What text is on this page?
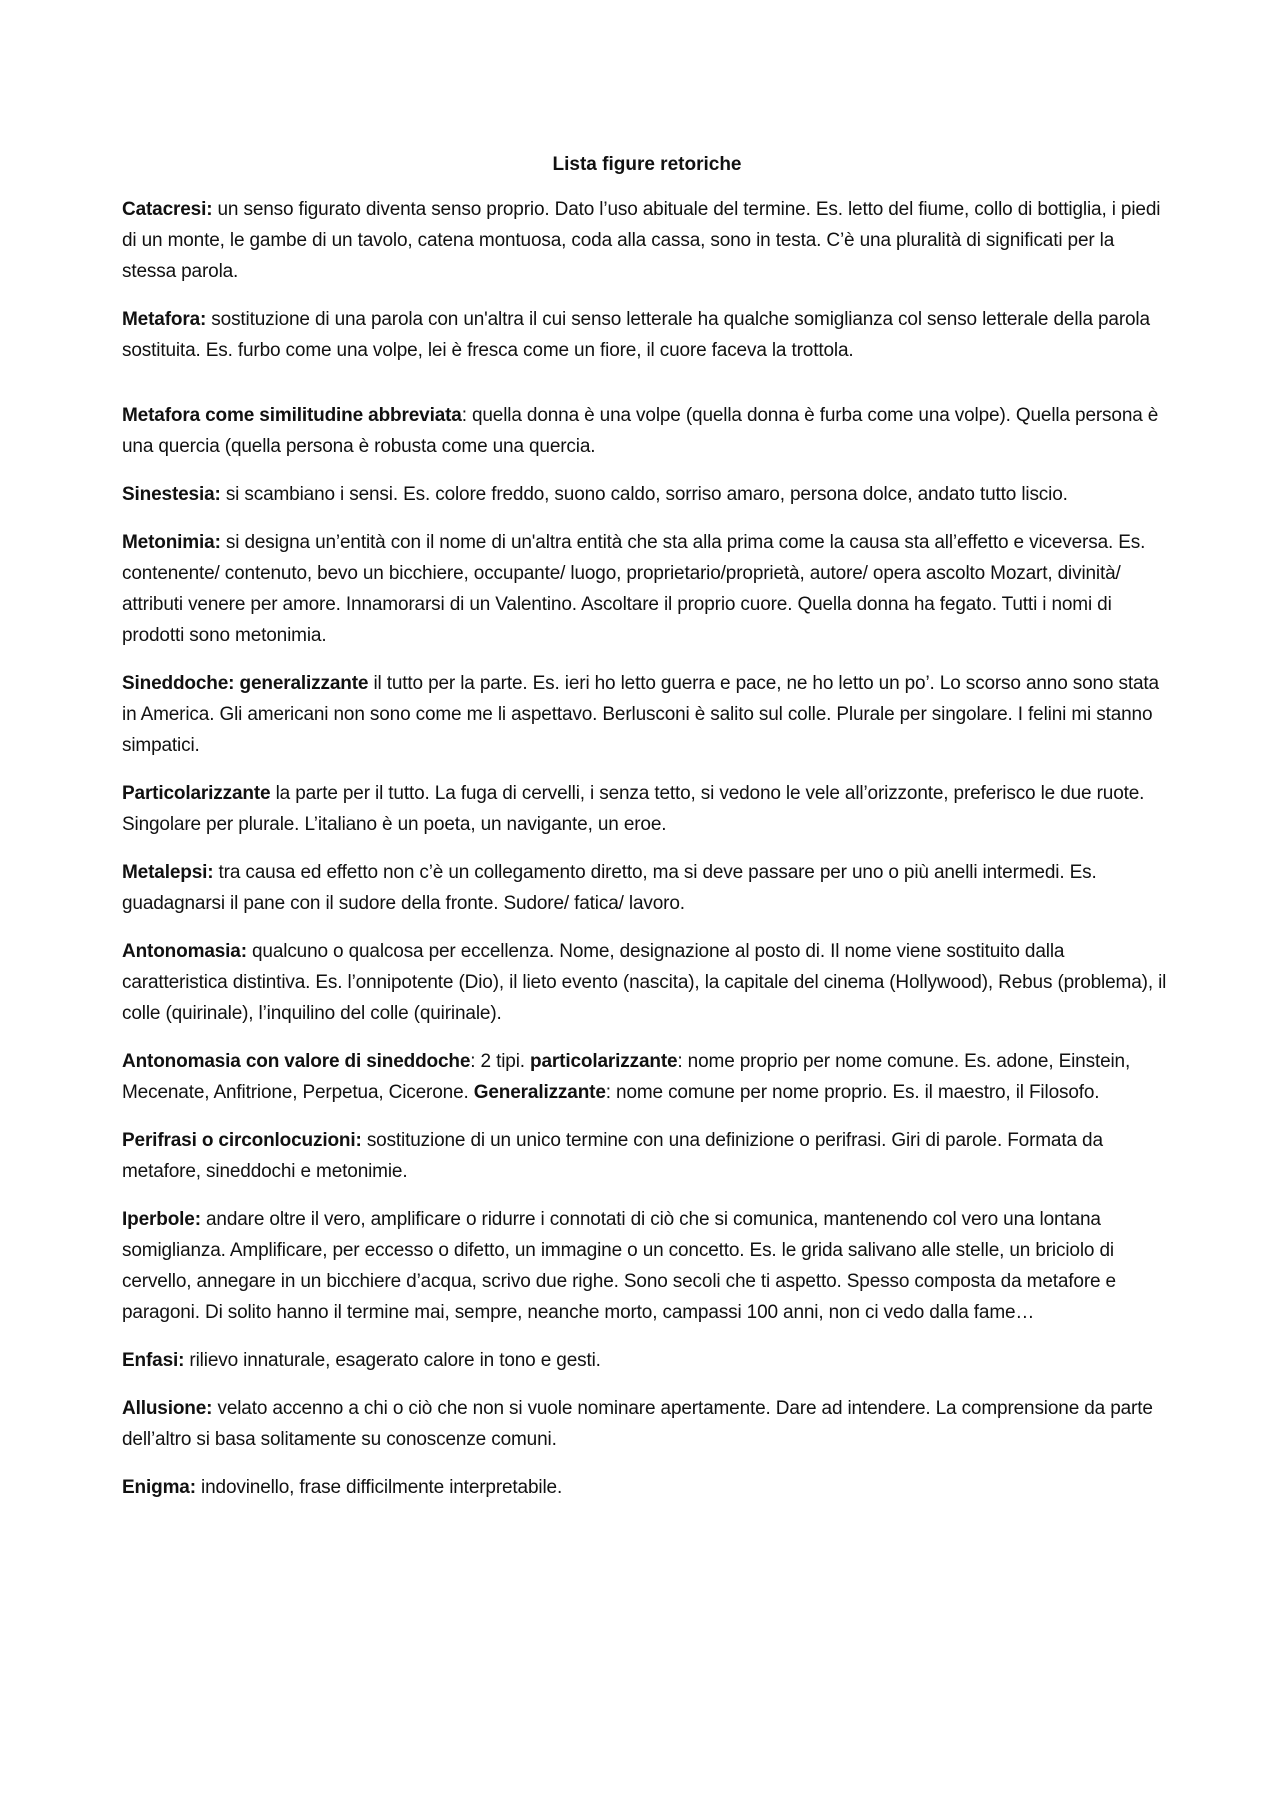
Lista figure retoriche

Catacresi: un senso figurato diventa senso proprio. Dato l’uso abituale del termine. Es. letto del fiume, collo di bottiglia, i piedi di un monte, le gambe di un tavolo, catena montuosa, coda alla cassa, sono in testa. C’è una pluralità di significati per la stessa parola.

Metafora: sostituzione di una parola con un'altra il cui senso letterale ha qualche somiglianza col senso letterale della parola sostituita. Es. furbo come una volpe, lei è fresca come un fiore, il cuore faceva la trottola.

Metafora come similitudine abbreviata: quella donna è una volpe (quella donna è furba come una volpe). Quella persona è una quercia (quella persona è robusta come una quercia.

Sinestesia: si scambiano i sensi. Es. colore freddo, suono caldo, sorriso amaro, persona dolce, andato tutto liscio.

Metonimia: si designa un’entità con il nome di un'altra entità che sta alla prima come la causa sta all’effetto e viceversa. Es. contenente/ contenuto, bevo un bicchiere, occupante/ luogo, proprietario/proprietà, autore/ opera ascolto Mozart, divinità/ attributi venere per amore. Innamorarsi di un Valentino. Ascoltare il proprio cuore. Quella donna ha fegato. Tutti i nomi di prodotti sono metonimia.

Sineddoche: generalizzante il tutto per la parte. Es. ieri ho letto guerra e pace, ne ho letto un po’. Lo scorso anno sono stata in America. Gli americani non sono come me li aspettavo. Berlusconi è salito sul colle. Plurale per singolare. I felini mi stanno simpatici.

Particolarizzante la parte per il tutto. La fuga di cervelli, i senza tetto, si vedono le vele all’orizzonte, preferisco le due ruote. Singolare per plurale. L’italiano è un poeta, un navigante, un eroe.

Metalepsi: tra causa ed effetto non c’è un collegamento diretto, ma si deve passare per uno o più anelli intermedi. Es. guadagnarsi il pane con il sudore della fronte. Sudore/ fatica/ lavoro.

Antonomasia: qualcuno o qualcosa per eccellenza. Nome, designazione al posto di. Il nome viene sostituito dalla caratteristica distintiva. Es. l’onnipotente (Dio), il lieto evento (nascita), la capitale del cinema (Hollywood), Rebus (problema), il colle (quirinale), l’inquilino del colle (quirinale).

Antonomasia con valore di sineddoche: 2 tipi. particolarizzante: nome proprio per nome comune. Es. adone, Einstein, Mecenate, Anfitrione, Perpetua, Cicerone. Generalizzante: nome comune per nome proprio. Es. il maestro, il Filosofo.

Perifrasi o circonlocuzioni: sostituzione di un unico termine con una definizione o perifrasi. Giri di parole. Formata da metafore, sineddochi e metonimie.

Iperbole: andare oltre il vero, amplificare o ridurre i connotati di ciò che si comunica, mantenendo col vero una lontana somiglianza. Amplificare, per eccesso o difetto, un immagine o un concetto. Es. le grida salivano alle stelle, un briciolo di cervello, annegare in un bicchiere d’acqua, scrivo due righe. Sono secoli che ti aspetto. Spesso composta da metafore e paragoni. Di solito hanno il termine mai, sempre, neanche morto, campassi 100 anni, non ci vedo dalla fame…

Enfasi: rilievo innaturale, esagerato calore in tono e gesti.

Allusione: velato accenno a chi o ciò che non si vuole nominare apertamente. Dare ad intendere. La comprensione da parte dell’altro si basa solitamente su conoscenze comuni.

Enigma: indovinello, frase difficilmente interpretabile.
